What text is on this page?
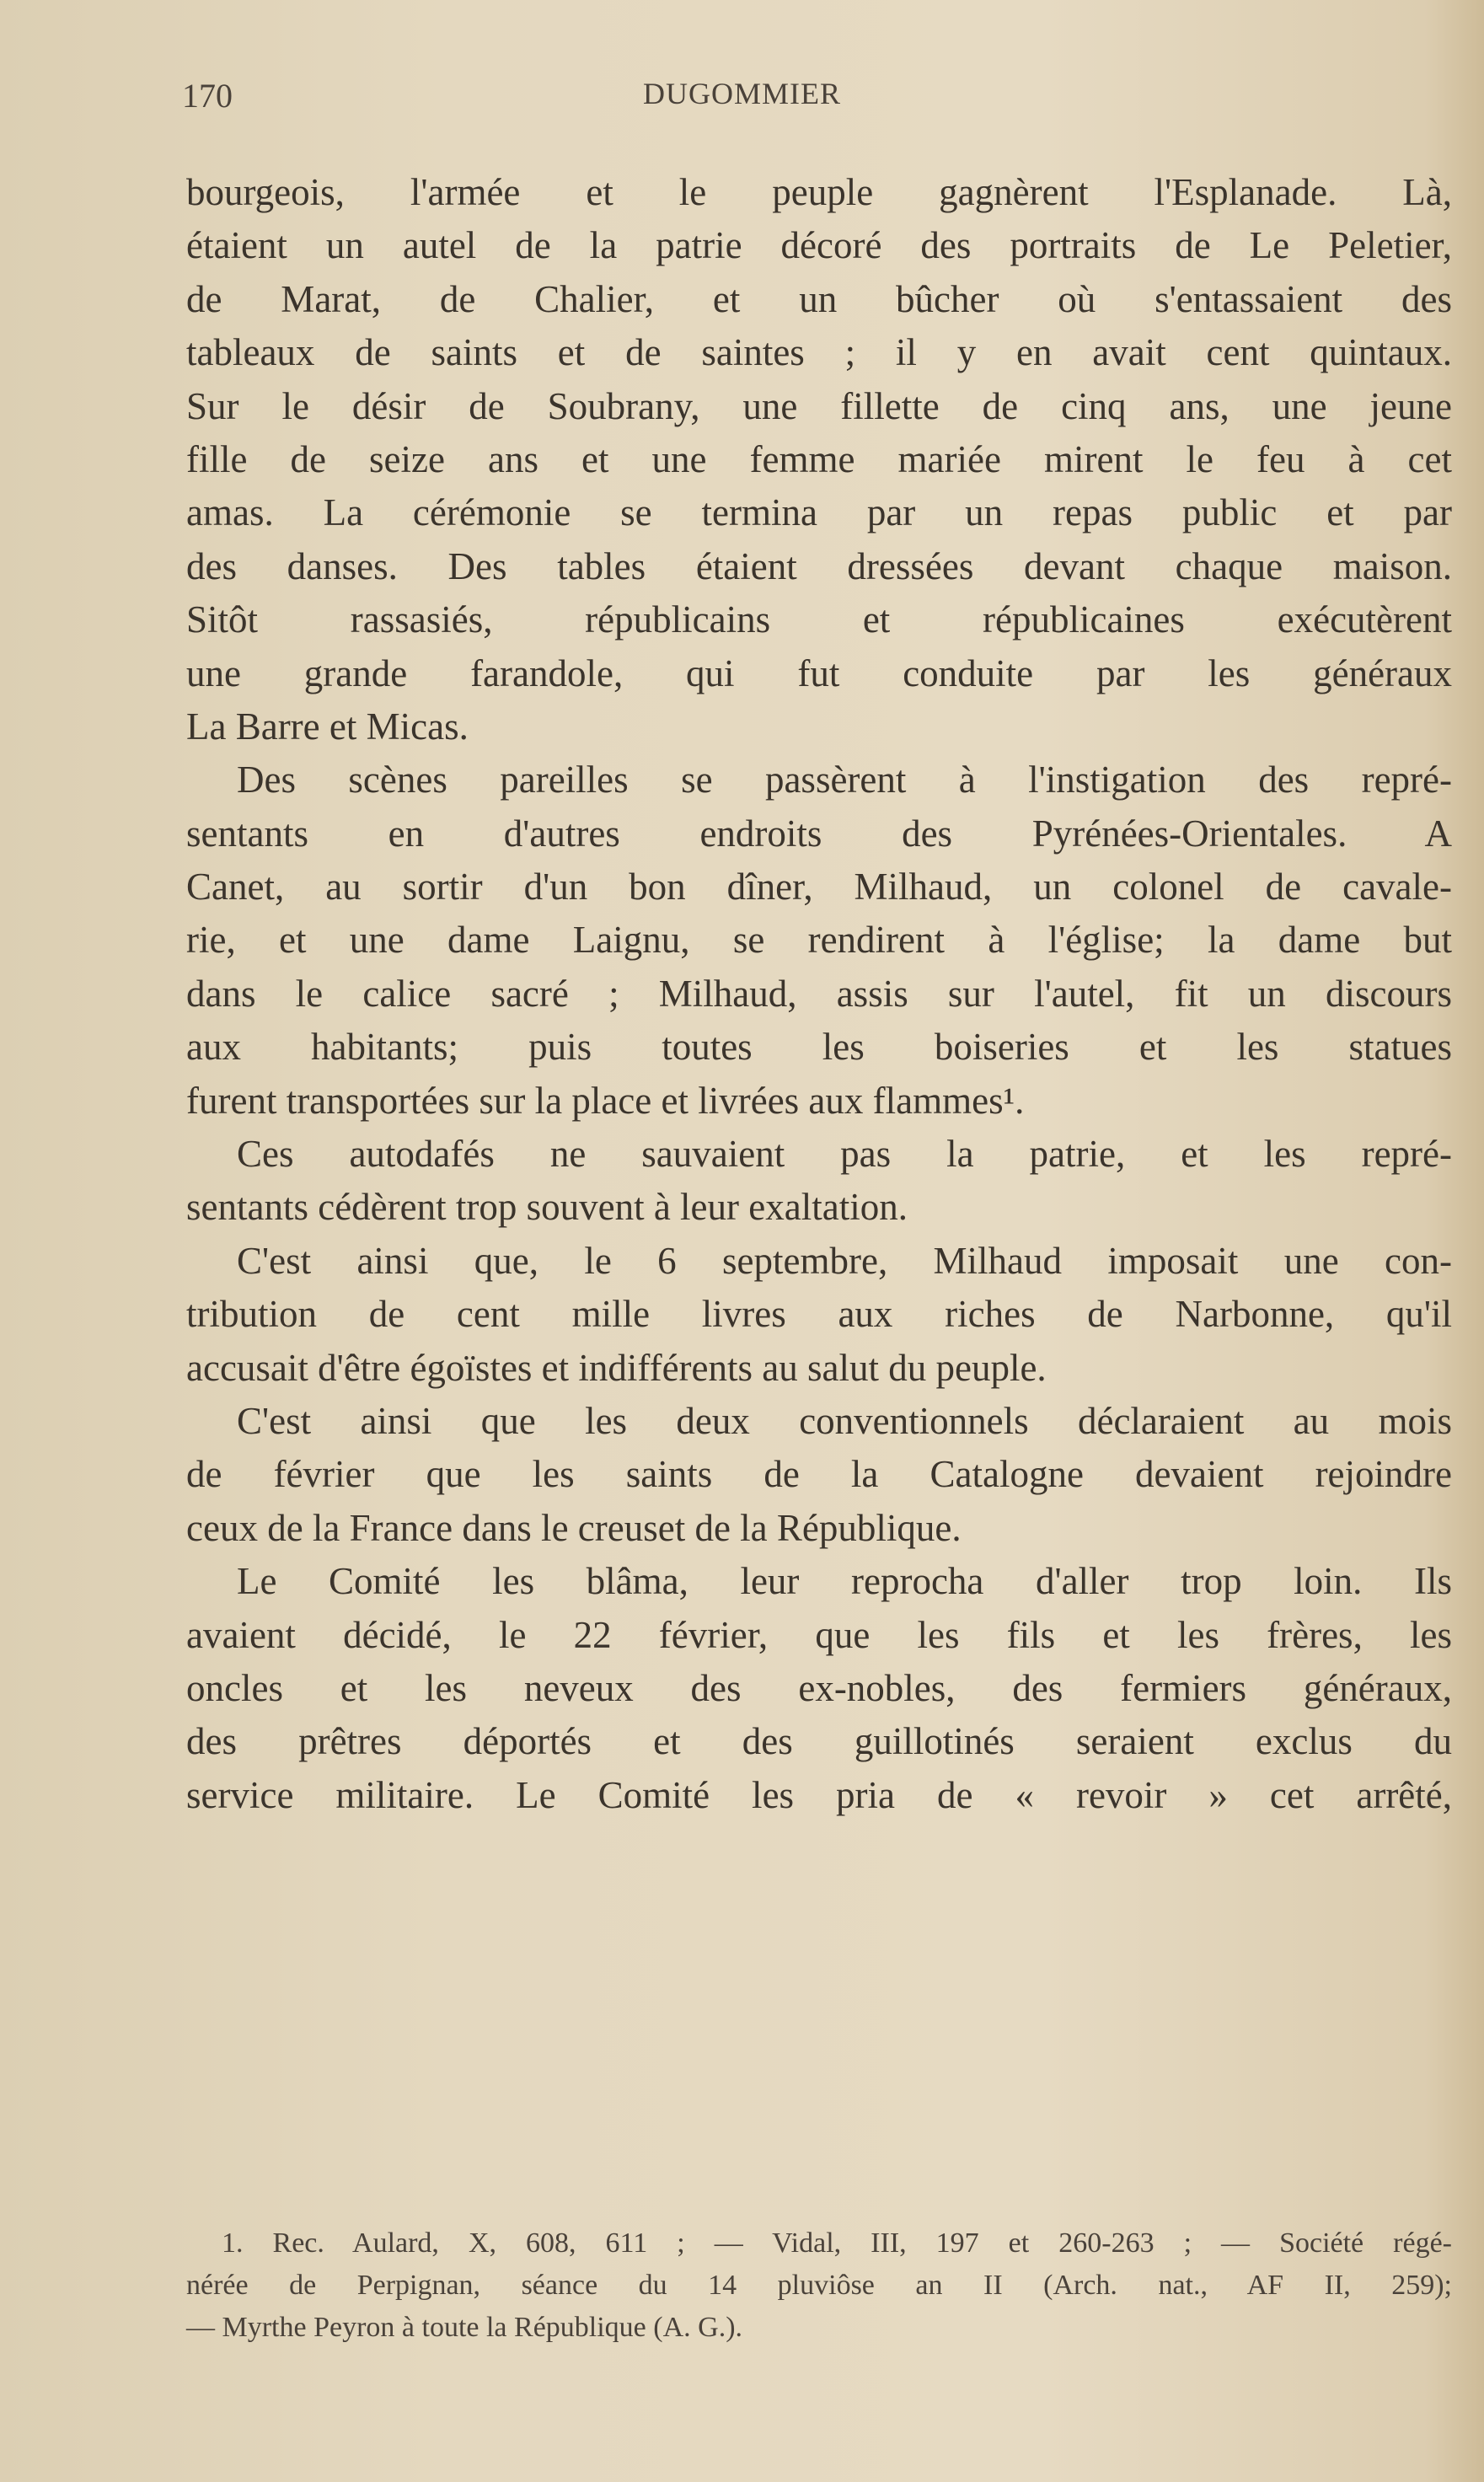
170	DUGOMMIER
bourgeois, l'armée et le peuple gagnèrent l'Esplanade. Là,
étaient un autel de la patrie décoré des portraits de Le Peletier,
de Marat, de Chalier, et un bûcher où s'entassaient des
tableaux de saints et de saintes ; il y en avait cent quintaux.
Sur le désir de Soubrany, une fillette de cinq ans, une jeune
fille de seize ans et une femme mariée mirent le feu à cet
amas. La cérémonie se termina par un repas public et par
des danses. Des tables étaient dressées devant chaque maison.
Sitôt rassasiés, républicains et républicaines exécutèrent
une grande farandole, qui fut conduite par les généraux
La Barre et Micas.
Des scènes pareilles se passèrent à l'instigation des repré-
sentants en d'autres endroits des Pyrénées-Orientales. A
Canet, au sortir d'un bon dîner, Milhaud, un colonel de cavale-
rie, et une dame Laignu, se rendirent à l'église; la dame but
dans le calice sacré ; Milhaud, assis sur l'autel, fit un discours
aux habitants; puis toutes les boiseries et les statues
furent transportées sur la place et livrées aux flammes¹.
Ces autodafés ne sauvaient pas la patrie, et les repré-
sentants cédèrent trop souvent à leur exaltation.
C'est ainsi que, le 6 septembre, Milhaud imposait une con-
tribution de cent mille livres aux riches de Narbonne, qu'il
accusait d'être égoïstes et indifférents au salut du peuple.
C'est ainsi que les deux conventionnels déclaraient au mois
de février que les saints de la Catalogne devaient rejoindre
ceux de la France dans le creuset de la République.
Le Comité les blâma, leur reprocha d'aller trop loin. Ils
avaient décidé, le 22 février, que les fils et les frères, les
oncles et les neveux des ex-nobles, des fermiers généraux,
des prêtres déportés et des guillotinés seraient exclus du
service militaire. Le Comité les pria de « revoir » cet arrêté,
1. Rec. Aulard, X, 608, 611 ; — Vidal, III, 197 et 260-263 ; — Société régé-
nérée de Perpignan, séance du 14 pluviôse an II (Arch. nat., AF II, 259);
— Myrthe Peyron à toute la République (A. G.).
